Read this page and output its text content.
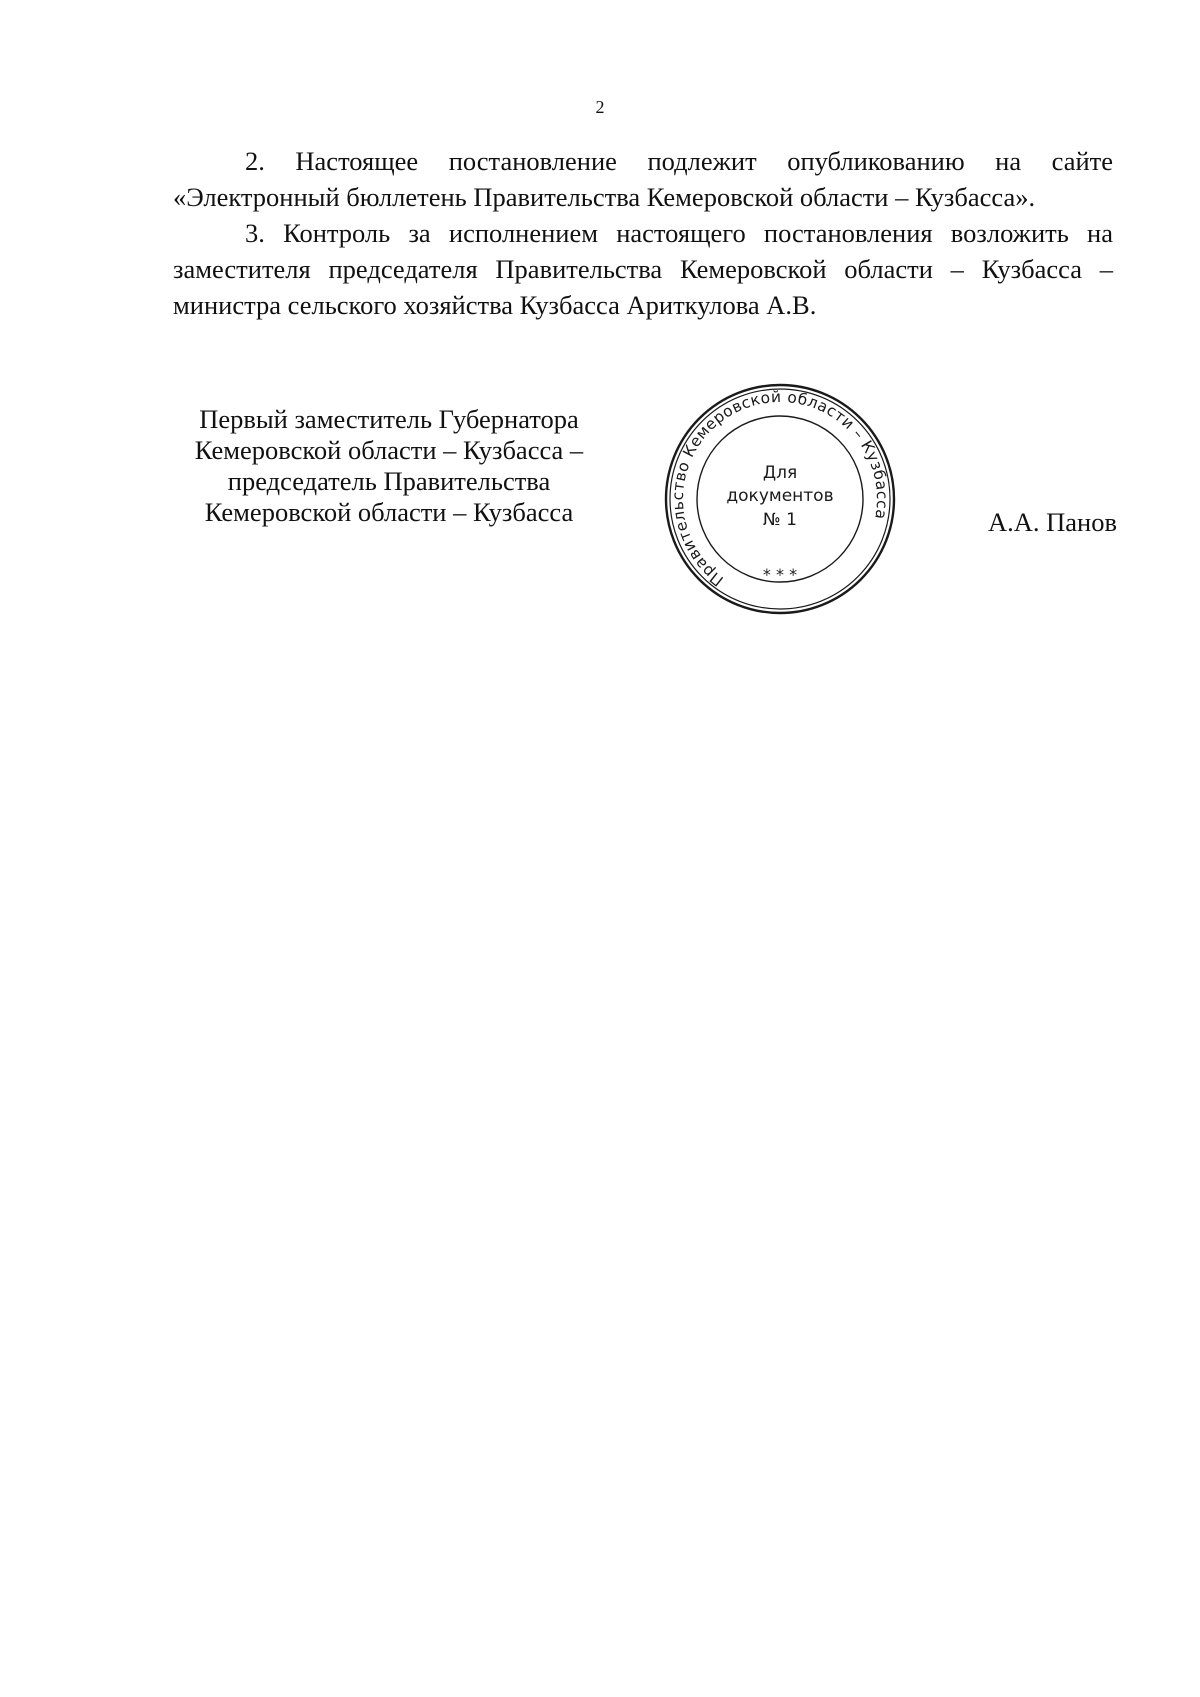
2

2. Настоящее постановление подлежит опубликованию на сайте «Электронный бюллетень Правительства Кемеровской области – Кузбасса».

3. Контроль за исполнением настоящего постановления возложить на заместителя председателя Правительства Кемеровской области – Кузбасса – министра сельского хозяйства Кузбасса Ариткулова А.В.

Первый заместитель Губернатора
Кемеровской области – Кузбасса –
председатель Правительства
Кемеровской области – Кузбасса
Правительство Кемеровской области – Кузбасса
Для
документов
№ 1
* * *
А.А. Панов
